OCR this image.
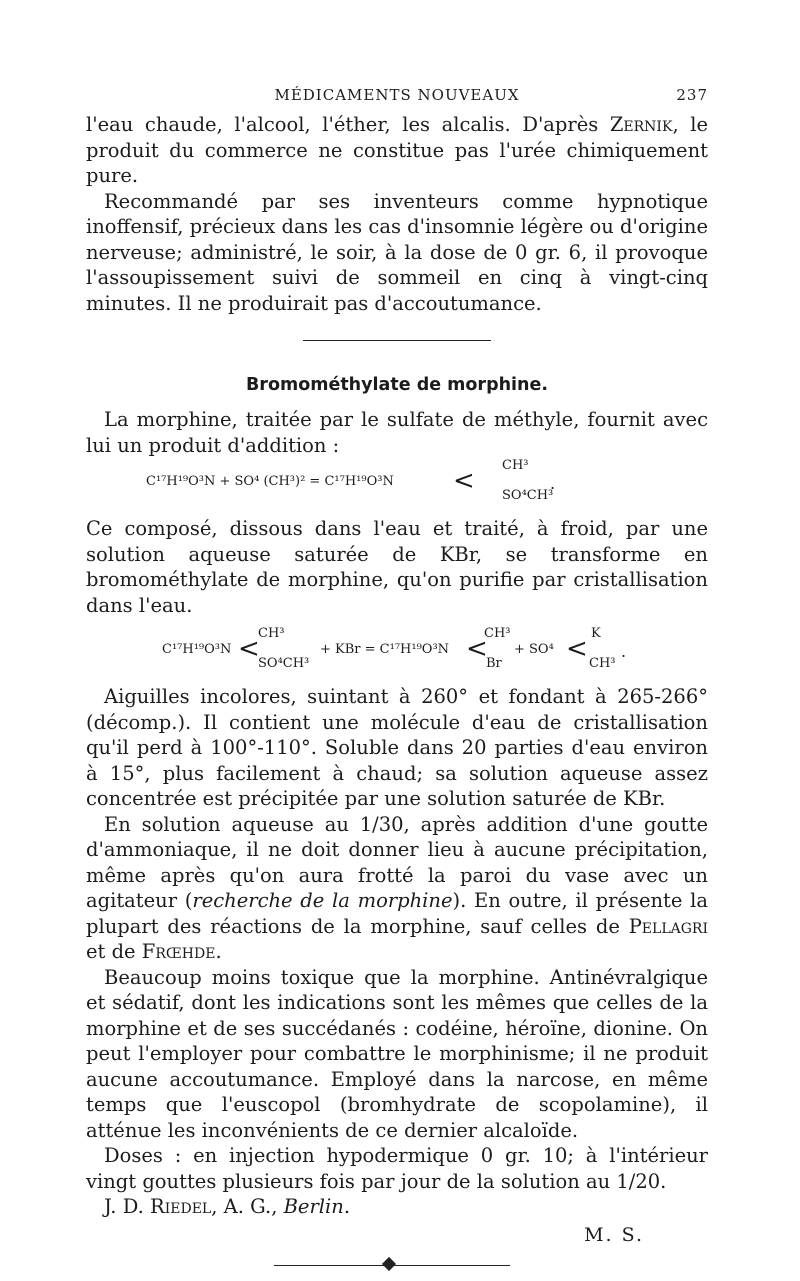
MÉDICAMENTS NOUVEAUX	237

l'eau chaude, l'alcool, l'éther, les alcalis. D'après Zernik, le produit du commerce ne constitue pas l'urée chimiquement pure.

Recommandé par ses inventeurs comme hypnotique inoffensif, précieux dans les cas d'insomnie légère ou d'origine nerveuse; administré, le soir, à la dose de 0 gr. 6, il provoque l'assoupissement suivi de sommeil en cinq à vingt-cinq minutes. Il ne produirait pas d'accoutumance.

Bromométhylate de morphine.

La morphine, traitée par le sulfate de méthyle, fournit avec lui un produit d'addition :

C¹⁷H¹⁹O³N + SO⁴ (CH³)² = C¹⁷H¹⁹O³N <
CH³
SO⁴CH³
.

Ce composé, dissous dans l'eau et traité, à froid, par une solution aqueuse saturée de KBr, se transforme en bromométhylate de morphine, qu'on purifie par cristallisation dans l'eau.

C¹⁷H¹⁹O³N <
CH³
SO⁴CH³
+ KBr = C¹⁷H¹⁹O³N <
CH³
Br
+ SO⁴ <
K
CH³
.

Aiguilles incolores, suintant à 260° et fondant à 265-266° (décomp.). Il contient une molécule d'eau de cristallisation qu'il perd à 100°-110°. Soluble dans 20 parties d'eau environ à 15°, plus facilement à chaud; sa solution aqueuse assez concentrée est précipitée par une solution saturée de KBr.

En solution aqueuse au 1/30, après addition d'une goutte d'ammoniaque, il ne doit donner lieu à aucune précipitation, même après qu'on aura frotté la paroi du vase avec un agitateur (recherche de la morphine). En outre, il présente la plupart des réactions de la morphine, sauf celles de Pellagri et de Frœhde.

Beaucoup moins toxique que la morphine. Antinévralgique et sédatif, dont les indications sont les mêmes que celles de la morphine et de ses succédanés : codéine, héroïne, dionine. On peut l'employer pour combattre le morphinisme; il ne produit aucune accoutumance. Employé dans la narcose, en même temps que l'euscopol (bromhydrate de scopolamine), il atténue les inconvénients de ce dernier alcaloïde.

Doses : en injection hypodermique 0 gr. 10; à l'intérieur vingt gouttes plusieurs fois par jour de la solution au 1/20.

J. D. Riedel, A. G., Berlin.

M. S.
